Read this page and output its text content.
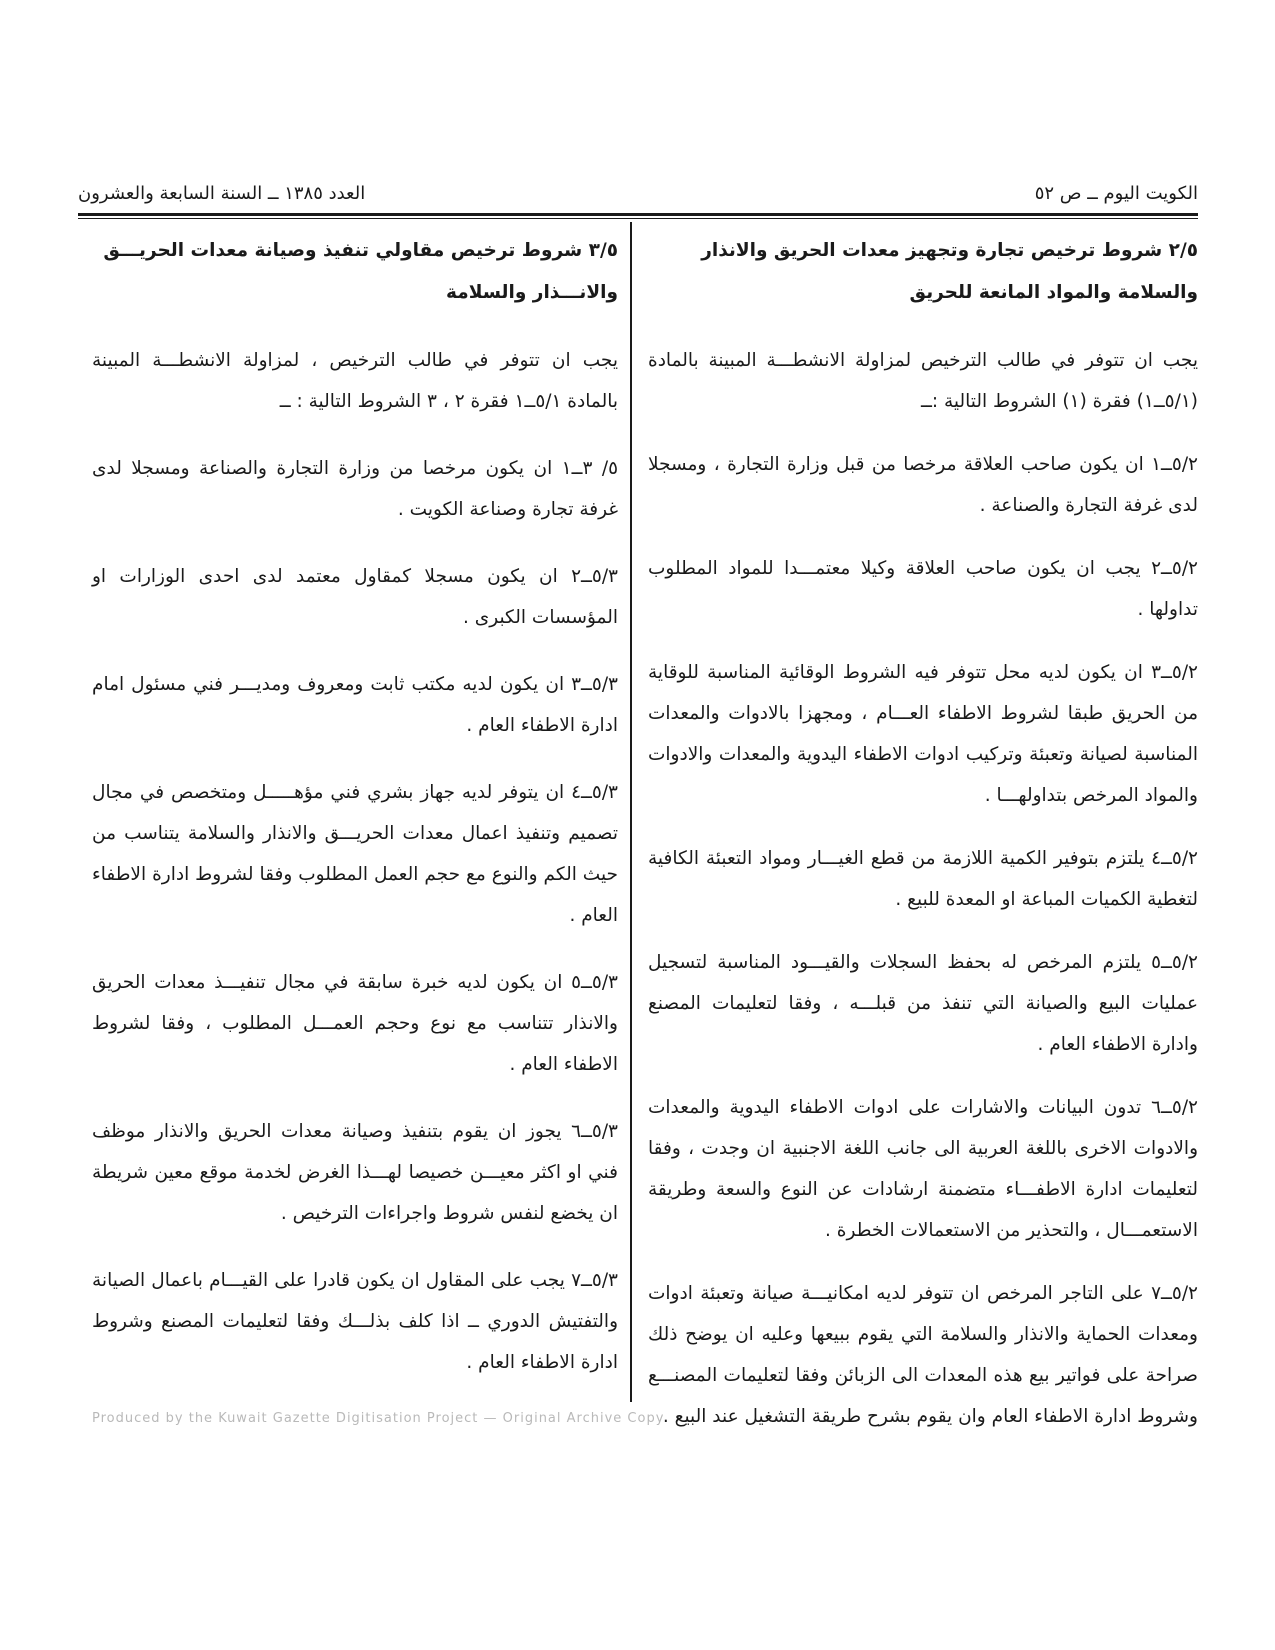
الكويت اليوم ــ ص ٥٢
العدد ١٣٨٥ ــ السنة السابعة والعشرون
٢/٥ شروط ترخيص تجارة وتجهيز معدات الحريق والانذار والسلامة والمواد المانعة للحريق

يجب ان تتوفر في طالب الترخيص لمزاولة الانشطـــة المبينة بالمادة (٥/١ــ١) فقرة (١) الشروط التالية :ــ

٥/٢ــ١ ان يكون صاحب العلاقة مرخصا من قبل وزارة التجارة ، ومسجلا لدى غرفة التجارة والصناعة .

٥/٢ــ٢ يجب ان يكون صاحب العلاقة وكيلا معتمـــدا للمواد المطلوب تداولها .

٥/٢ــ٣ ان يكون لديه محل تتوفر فيه الشروط الوقائية المناسبة للوقاية من الحريق طبقا لشروط الاطفاء العـــام ، ومجهزا بالادوات والمعدات المناسبة لصيانة وتعبئة وتركيب ادوات الاطفاء اليدوية والمعدات والادوات والمواد المرخص بتداولهـــا .

٥/٢ــ٤ يلتزم بتوفير الكمية اللازمة من قطع الغيـــار ومواد التعبئة الكافية لتغطية الكميات المباعة او المعدة للبيع .

٥/٢ــ٥ يلتزم المرخص له بحفظ السجلات والقيـــود المناسبة لتسجيل عمليات البيع والصيانة التي تنفذ من قبلـــه ، وفقا لتعليمات المصنع وادارة الاطفاء العام .

٥/٢ــ٦ تدون البيانات والاشارات على ادوات الاطفاء اليدوية والمعدات والادوات الاخرى باللغة العربية الى جانب اللغة الاجنبية ان وجدت ، وفقا لتعليمات ادارة الاطفـــاء متضمنة ارشادات عن النوع والسعة وطريقة الاستعمـــال ، والتحذير من الاستعمالات الخطرة .

٥/٢ــ٧ على التاجر المرخص ان تتوفر لديه امكانيـــة صيانة وتعبئة ادوات ومعدات الحماية والانذار والسلامة التي يقوم ببيعها وعليه ان يوضح ذلك صراحة على فواتير بيع هذه المعدات الى الزبائن وفقا لتعليمات المصنـــع وشروط ادارة الاطفاء العام وان يقوم بشرح طريقة التشغيل عند البيع .

٣/٥ شروط ترخيص مقاولي تنفيذ وصيانة معدات الحريـــق والانـــذار والسلامة

يجب ان تتوفر في طالب الترخيص ، لمزاولة الانشطـــة المبينة بالمادة ٥/١ــ١ فقرة ٢ ، ٣ الشروط التالية : ــ

٥/ ٣ــ١ ان يكون مرخصا من وزارة التجارة والصناعة ومسجلا لدى غرفة تجارة وصناعة الكويت .

٥/٣ــ٢ ان يكون مسجلا كمقاول معتمد لدى احدى الوزارات او المؤسسات الكبرى .

٥/٣ــ٣ ان يكون لديه مكتب ثابت ومعروف ومديـــر فني مسئول امام ادارة الاطفاء العام .

٥/٣ــ٤ ان يتوفر لديه جهاز بشري فني مؤهـــــل ومتخصص في مجال تصميم وتنفيذ اعمال معدات الحريـــق والانذار والسلامة يتناسب من حيث الكم والنوع مع حجم العمل المطلوب وفقا لشروط ادارة الاطفاء العام .

٥/٣ــ٥ ان يكون لديه خبرة سابقة في مجال تنفيـــذ معدات الحريق والانذار تتناسب مع نوع وحجم العمـــل المطلوب ، وفقا لشروط الاطفاء العام .

٥/٣ــ٦ يجوز ان يقوم بتنفيذ وصيانة معدات الحريق والانذار موظف فني او اكثر معيـــن خصيصا لهـــذا الغرض لخدمة موقع معين شريطة ان يخضع لنفس شروط واجراءات الترخيص .

٥/٣ــ٧ يجب على المقاول ان يكون قادرا على القيـــام باعمال الصيانة والتفتيش الدوري ــ اذا كلف بذلـــك وفقا لتعليمات المصنع وشروط ادارة الاطفاء العام .

Produced by the Kuwait Gazette Digitisation Project — Original Archive Copy
